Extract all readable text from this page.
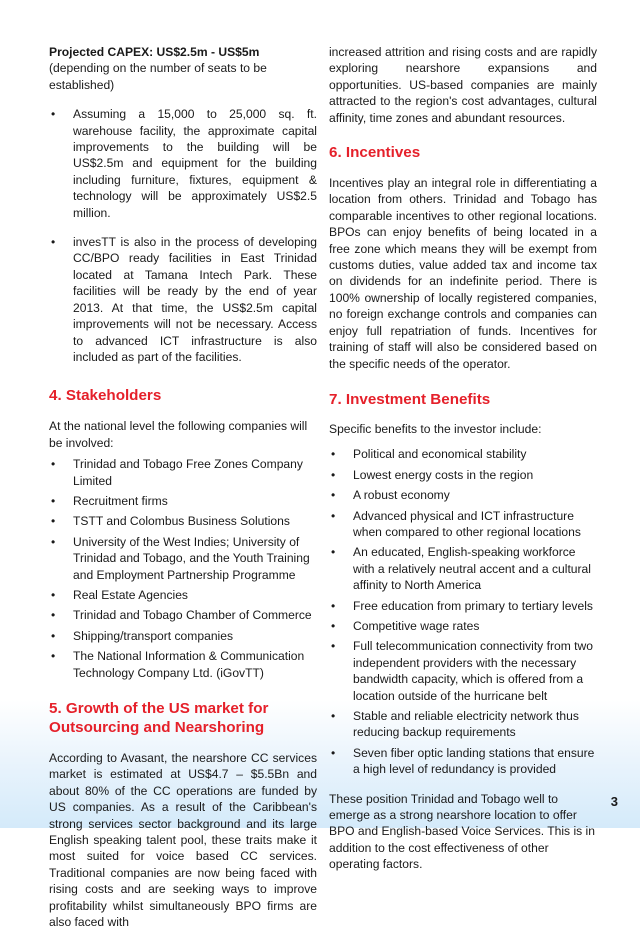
Projected CAPEX: US$2.5m - US$5m (depending on the number of seats to be established)

• Assuming a 15,000 to 25,000 sq. ft. warehouse facility, the approximate capital improvements to the building will be US$2.5m and equipment for the building including furniture, fixtures, equipment & technology will be approximately US$2.5 million.
• invesTT is also in the process of developing CC/BPO ready facilities in East Trinidad located at Tamana Intech Park. These facilities will be ready by the end of year 2013. At that time, the US$2.5m capital improvements will not be necessary. Access to advanced ICT infrastructure is also included as part of the facilities.
4. Stakeholders

At the national level the following companies will be involved:

• Trinidad and Tobago Free Zones Company Limited
• Recruitment firms
• TSTT and Colombus Business Solutions
• University of the West Indies; University of Trinidad and Tobago, and the Youth Training and Employment Partnership Programme
• Real Estate Agencies
• Trinidad and Tobago Chamber of Commerce
• Shipping/transport companies
• The National Information & Communication Technology Company Ltd. (iGovTT)
5. Growth of the US market for Outsourcing and Nearshoring

According to Avasant, the nearshore CC services market is estimated at US$4.7 – $5.5Bn and about 80% of the CC operations are funded by US companies. As a result of the Caribbean's strong services sector background and its large English speaking talent pool, these traits make it most suited for voice based CC services. Traditional companies are now being faced with rising costs and are seeking ways to improve profitability whilst simultaneously BPO firms are also faced with

increased attrition and rising costs and are rapidly exploring nearshore expansions and opportunities. US-based companies are mainly attracted to the region's cost advantages, cultural affinity, time zones and abundant resources.

6. Incentives

Incentives play an integral role in differentiating a location from others. Trinidad and Tobago has comparable incentives to other regional locations. BPOs can enjoy benefits of being located in a free zone which means they will be exempt from customs duties, value added tax and income tax on dividends for an indefinite period. There is 100% ownership of locally registered companies, no foreign exchange controls and companies can enjoy full repatriation of funds. Incentives for training of staff will also be considered based on the specific needs of the operator.

7. Investment Benefits

Specific benefits to the investor include:

• Political and economical stability
• Lowest energy costs in the region
• A robust economy
• Advanced physical and ICT infrastructure when compared to other regional locations
• An educated, English-speaking workforce with a relatively neutral accent and a cultural affinity to North America
• Free education from primary to tertiary levels
• Competitive wage rates
• Full telecommunication connectivity from two independent providers with the necessary bandwidth capacity, which is offered from a location outside of the hurricane belt
• Stable and reliable electricity network thus reducing backup requirements
• Seven fiber optic landing stations that ensure a high level of redundancy is provided

These position Trinidad and Tobago well to emerge as a strong nearshore location to offer BPO and English-based Voice Services. This is in addition to the cost effectiveness of other operating factors.

3
